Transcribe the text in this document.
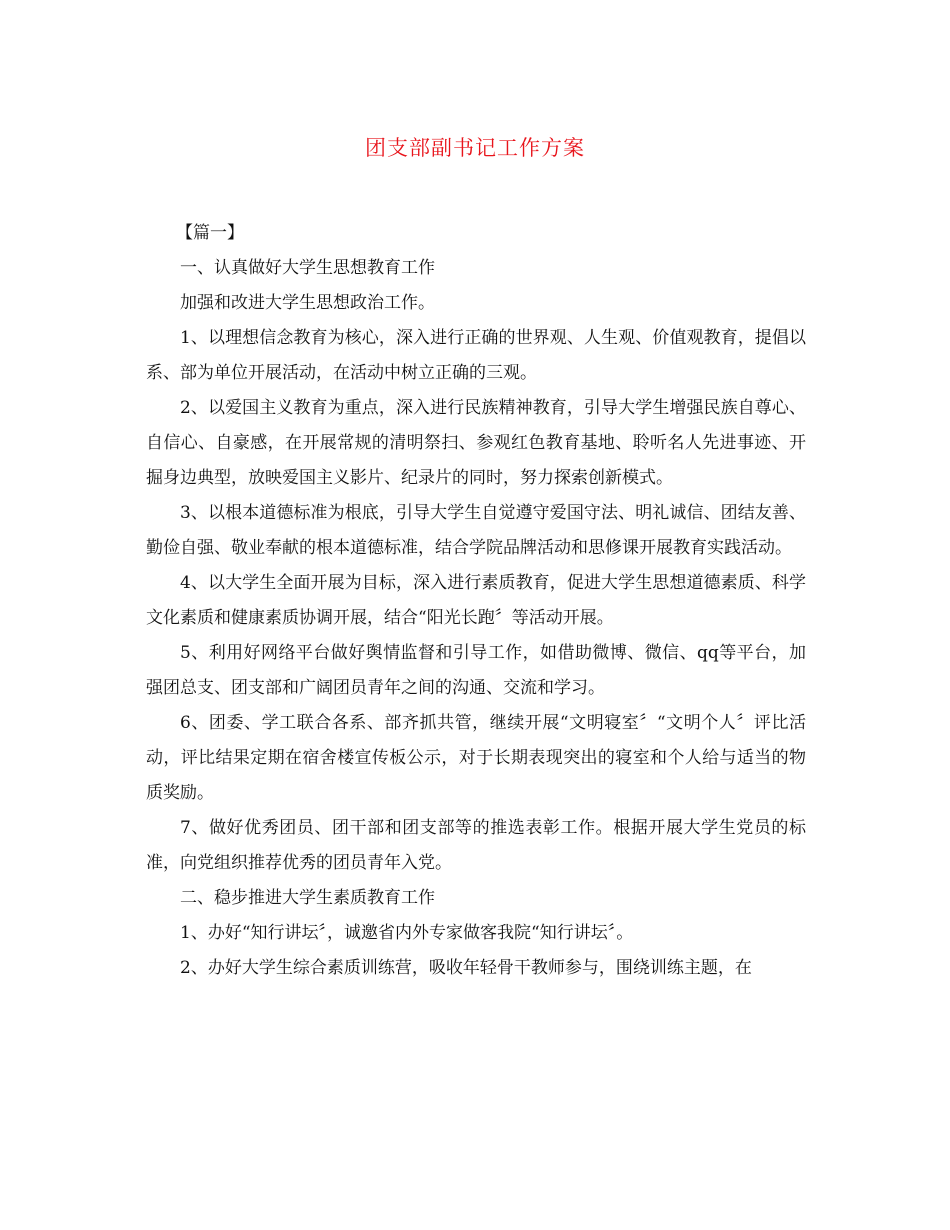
团支部副书记工作方案

【篇一】

一、认真做好大学生思想教育工作

加强和改进大学生思想政治工作。

1、以理想信念教育为核心，深入进行正确的世界观、人生观、价值观教育，提倡以系、部为单位开展活动，在活动中树立正确的三观。

2、以爱国主义教育为重点，深入进行民族精神教育，引导大学生增强民族自尊心、自信心、自豪感，在开展常规的清明祭扫、参观红色教育基地、聆听名人先进事迹、开掘身边典型，放映爱国主义影片、纪录片的同时，努力探索创新模式。

3、以根本道德标准为根底，引导大学生自觉遵守爱国守法、明礼诚信、团结友善、勤俭自强、敬业奉献的根本道德标准，结合学院品牌活动和思修课开展教育实践活动。

4、以大学生全面开展为目标，深入进行素质教育，促进大学生思想道德素质、科学文化素质和健康素质协调开展，结合“阳光长跑〞等活动开展。

5、利用好网络平台做好舆情监督和引导工作，如借助微博、微信、qq等平台，加强团总支、团支部和广阔团员青年之间的沟通、交流和学习。

6、团委、学工联合各系、部齐抓共管，继续开展“文明寝室〞“文明个人〞评比活动，评比结果定期在宿舍楼宣传板公示，对于长期表现突出的寝室和个人给与适当的物质奖励。

7、做好优秀团员、团干部和团支部等的推选表彰工作。根据开展大学生党员的标准，向党组织推荐优秀的团员青年入党。

二、稳步推进大学生素质教育工作

1、办好“知行讲坛〞，诚邀省内外专家做客我院“知行讲坛〞。

2、办好大学生综合素质训练营，吸收年轻骨干教师参与，围绕训练主题，在
